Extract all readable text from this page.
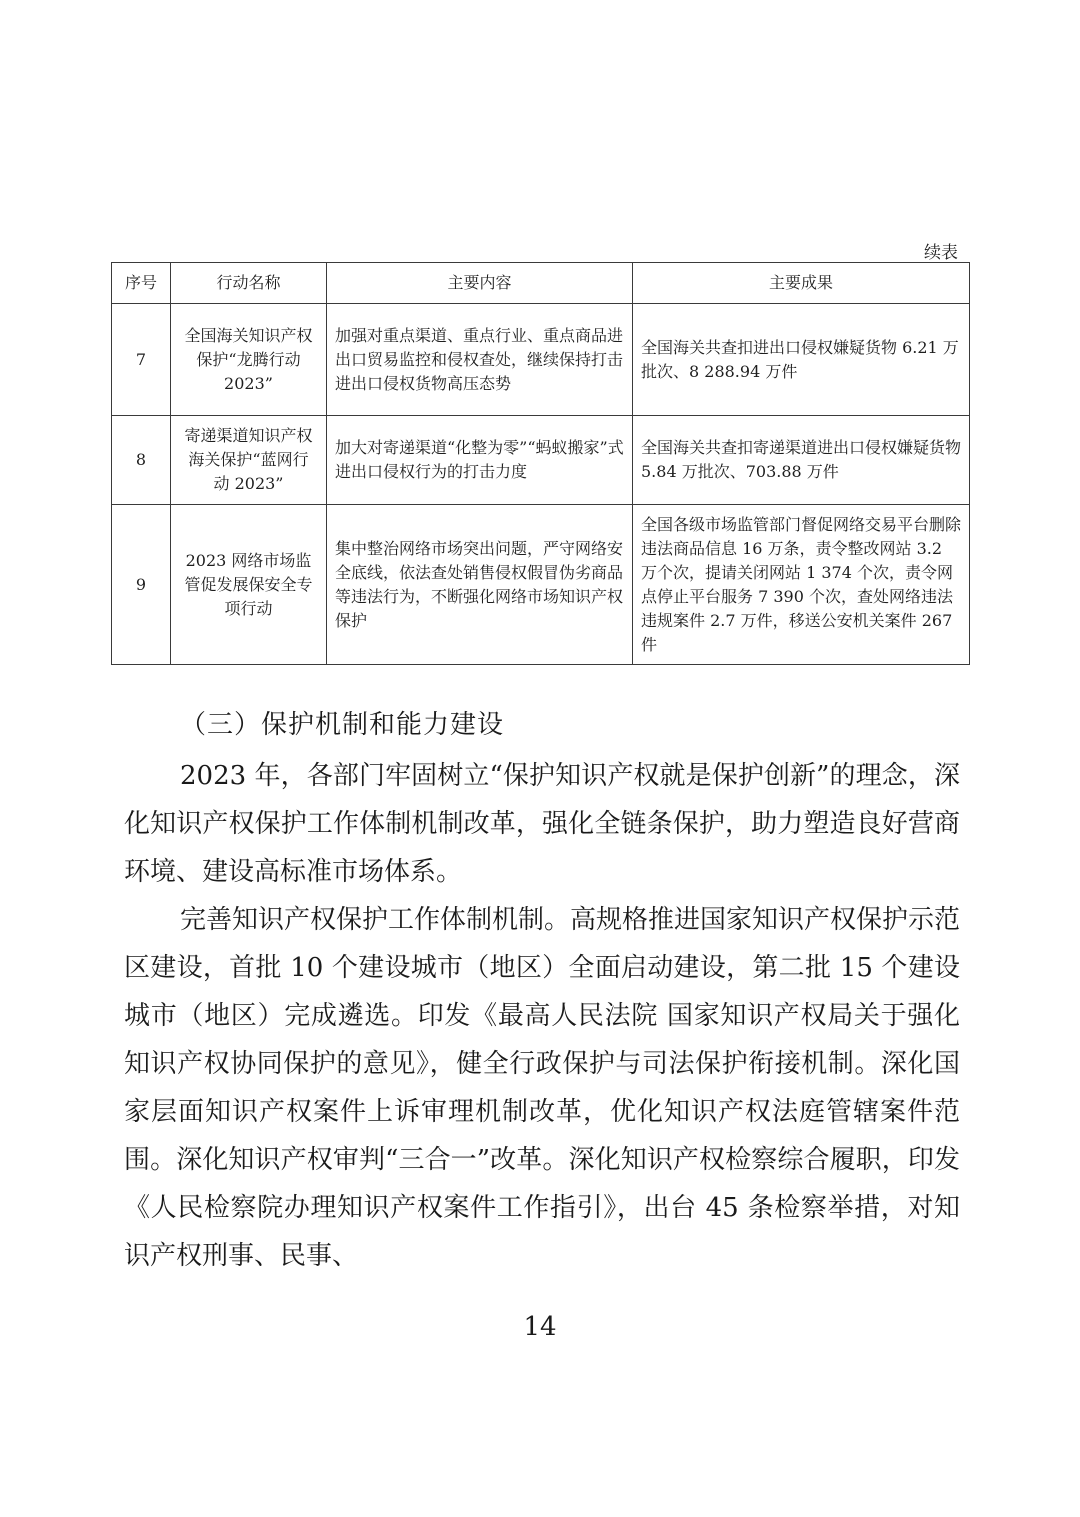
续表
序号	行动名称	主要内容	主要成果
7	全国海关知识产权保护“龙腾行动 2023”	加强对重点渠道、重点行业、重点商品进出口贸易监控和侵权查处，继续保持打击进出口侵权货物高压态势	全国海关共查扣进出口侵权嫌疑货物 6.21 万批次、8 288.94 万件
8	寄递渠道知识产权海关保护“蓝网行动 2023”	加大对寄递渠道“化整为零”“蚂蚁搬家”式进出口侵权行为的打击力度	全国海关共查扣寄递渠道进出口侵权嫌疑货物 5.84 万批次、703.88 万件
9	2023 网络市场监管促发展保安全专项行动	集中整治网络市场突出问题，严守网络安全底线，依法查处销售侵权假冒伪劣商品等违法行为，不断强化网络市场知识产权保护	全国各级市场监管部门督促网络交易平台删除违法商品信息 16 万条，责令整改网站 3.2 万个次，提请关闭网站 1 374 个次，责令网点停止平台服务 7 390 个次，查处网络违法违规案件 2.7 万件，移送公安机关案件 267 件
（三）保护机制和能力建设

2023 年，各部门牢固树立“保护知识产权就是保护创新”的理念，深化知识产权保护工作体制机制改革，强化全链条保护，助力塑造良好营商环境、建设高标准市场体系。

完善知识产权保护工作体制机制。高规格推进国家知识产权保护示范区建设，首批 10 个建设城市（地区）全面启动建设，第二批 15 个建设城市（地区）完成遴选。印发《最高人民法院 国家知识产权局关于强化知识产权协同保护的意见》，健全行政保护与司法保护衔接机制。深化国家层面知识产权案件上诉审理机制改革，优化知识产权法庭管辖案件范围。深化知识产权审判“三合一”改革。深化知识产权检察综合履职，印发《人民检察院办理知识产权案件工作指引》，出台 45 条检察举措，对知识产权刑事、民事、

14
